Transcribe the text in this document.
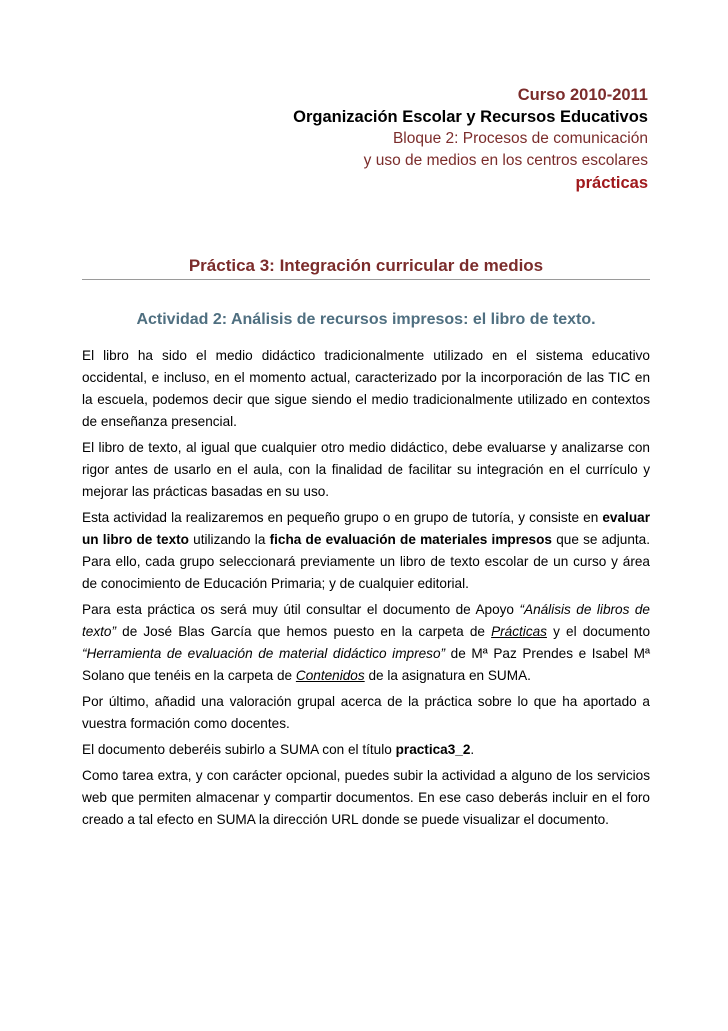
Curso 2010-2011
Organización Escolar y Recursos Educativos
Bloque 2: Procesos de comunicación
y uso de medios en los centros escolares
prácticas
Práctica 3: Integración curricular de medios
Actividad 2: Análisis de recursos impresos: el libro de texto.

El libro ha sido el medio didáctico tradicionalmente utilizado en el sistema educativo occidental, e incluso, en el momento actual, caracterizado por la incorporación de las TIC en la escuela, podemos decir que sigue siendo el medio tradicionalmente utilizado en contextos de enseñanza presencial.

El libro de texto, al igual que cualquier otro medio didáctico, debe evaluarse y analizarse con rigor antes de usarlo en el aula, con la finalidad de facilitar su integración en el currículo y mejorar las prácticas basadas en su uso.

Esta actividad la realizaremos en pequeño grupo o en grupo de tutoría, y consiste en evaluar un libro de texto utilizando la ficha de evaluación de materiales impresos que se adjunta. Para ello, cada grupo seleccionará previamente un libro de texto escolar de un curso y área de conocimiento de Educación Primaria; y de cualquier editorial.

Para esta práctica os será muy útil consultar el documento de Apoyo “Análisis de libros de texto” de José Blas García que hemos puesto en la carpeta de Prácticas y el documento “Herramienta de evaluación de material didáctico impreso” de Mª Paz Prendes e Isabel Mª Solano que tenéis en la carpeta de Contenidos de la asignatura en SUMA.

Por último, añadid una valoración grupal acerca de la práctica sobre lo que ha aportado a vuestra formación como docentes.

El documento deberéis subirlo a SUMA con el título practica3_2.

Como tarea extra, y con carácter opcional, puedes subir la actividad a alguno de los servicios web que permiten almacenar y compartir documentos. En ese caso deberás incluir en el foro creado a tal efecto en SUMA la dirección URL donde se puede visualizar el documento.
